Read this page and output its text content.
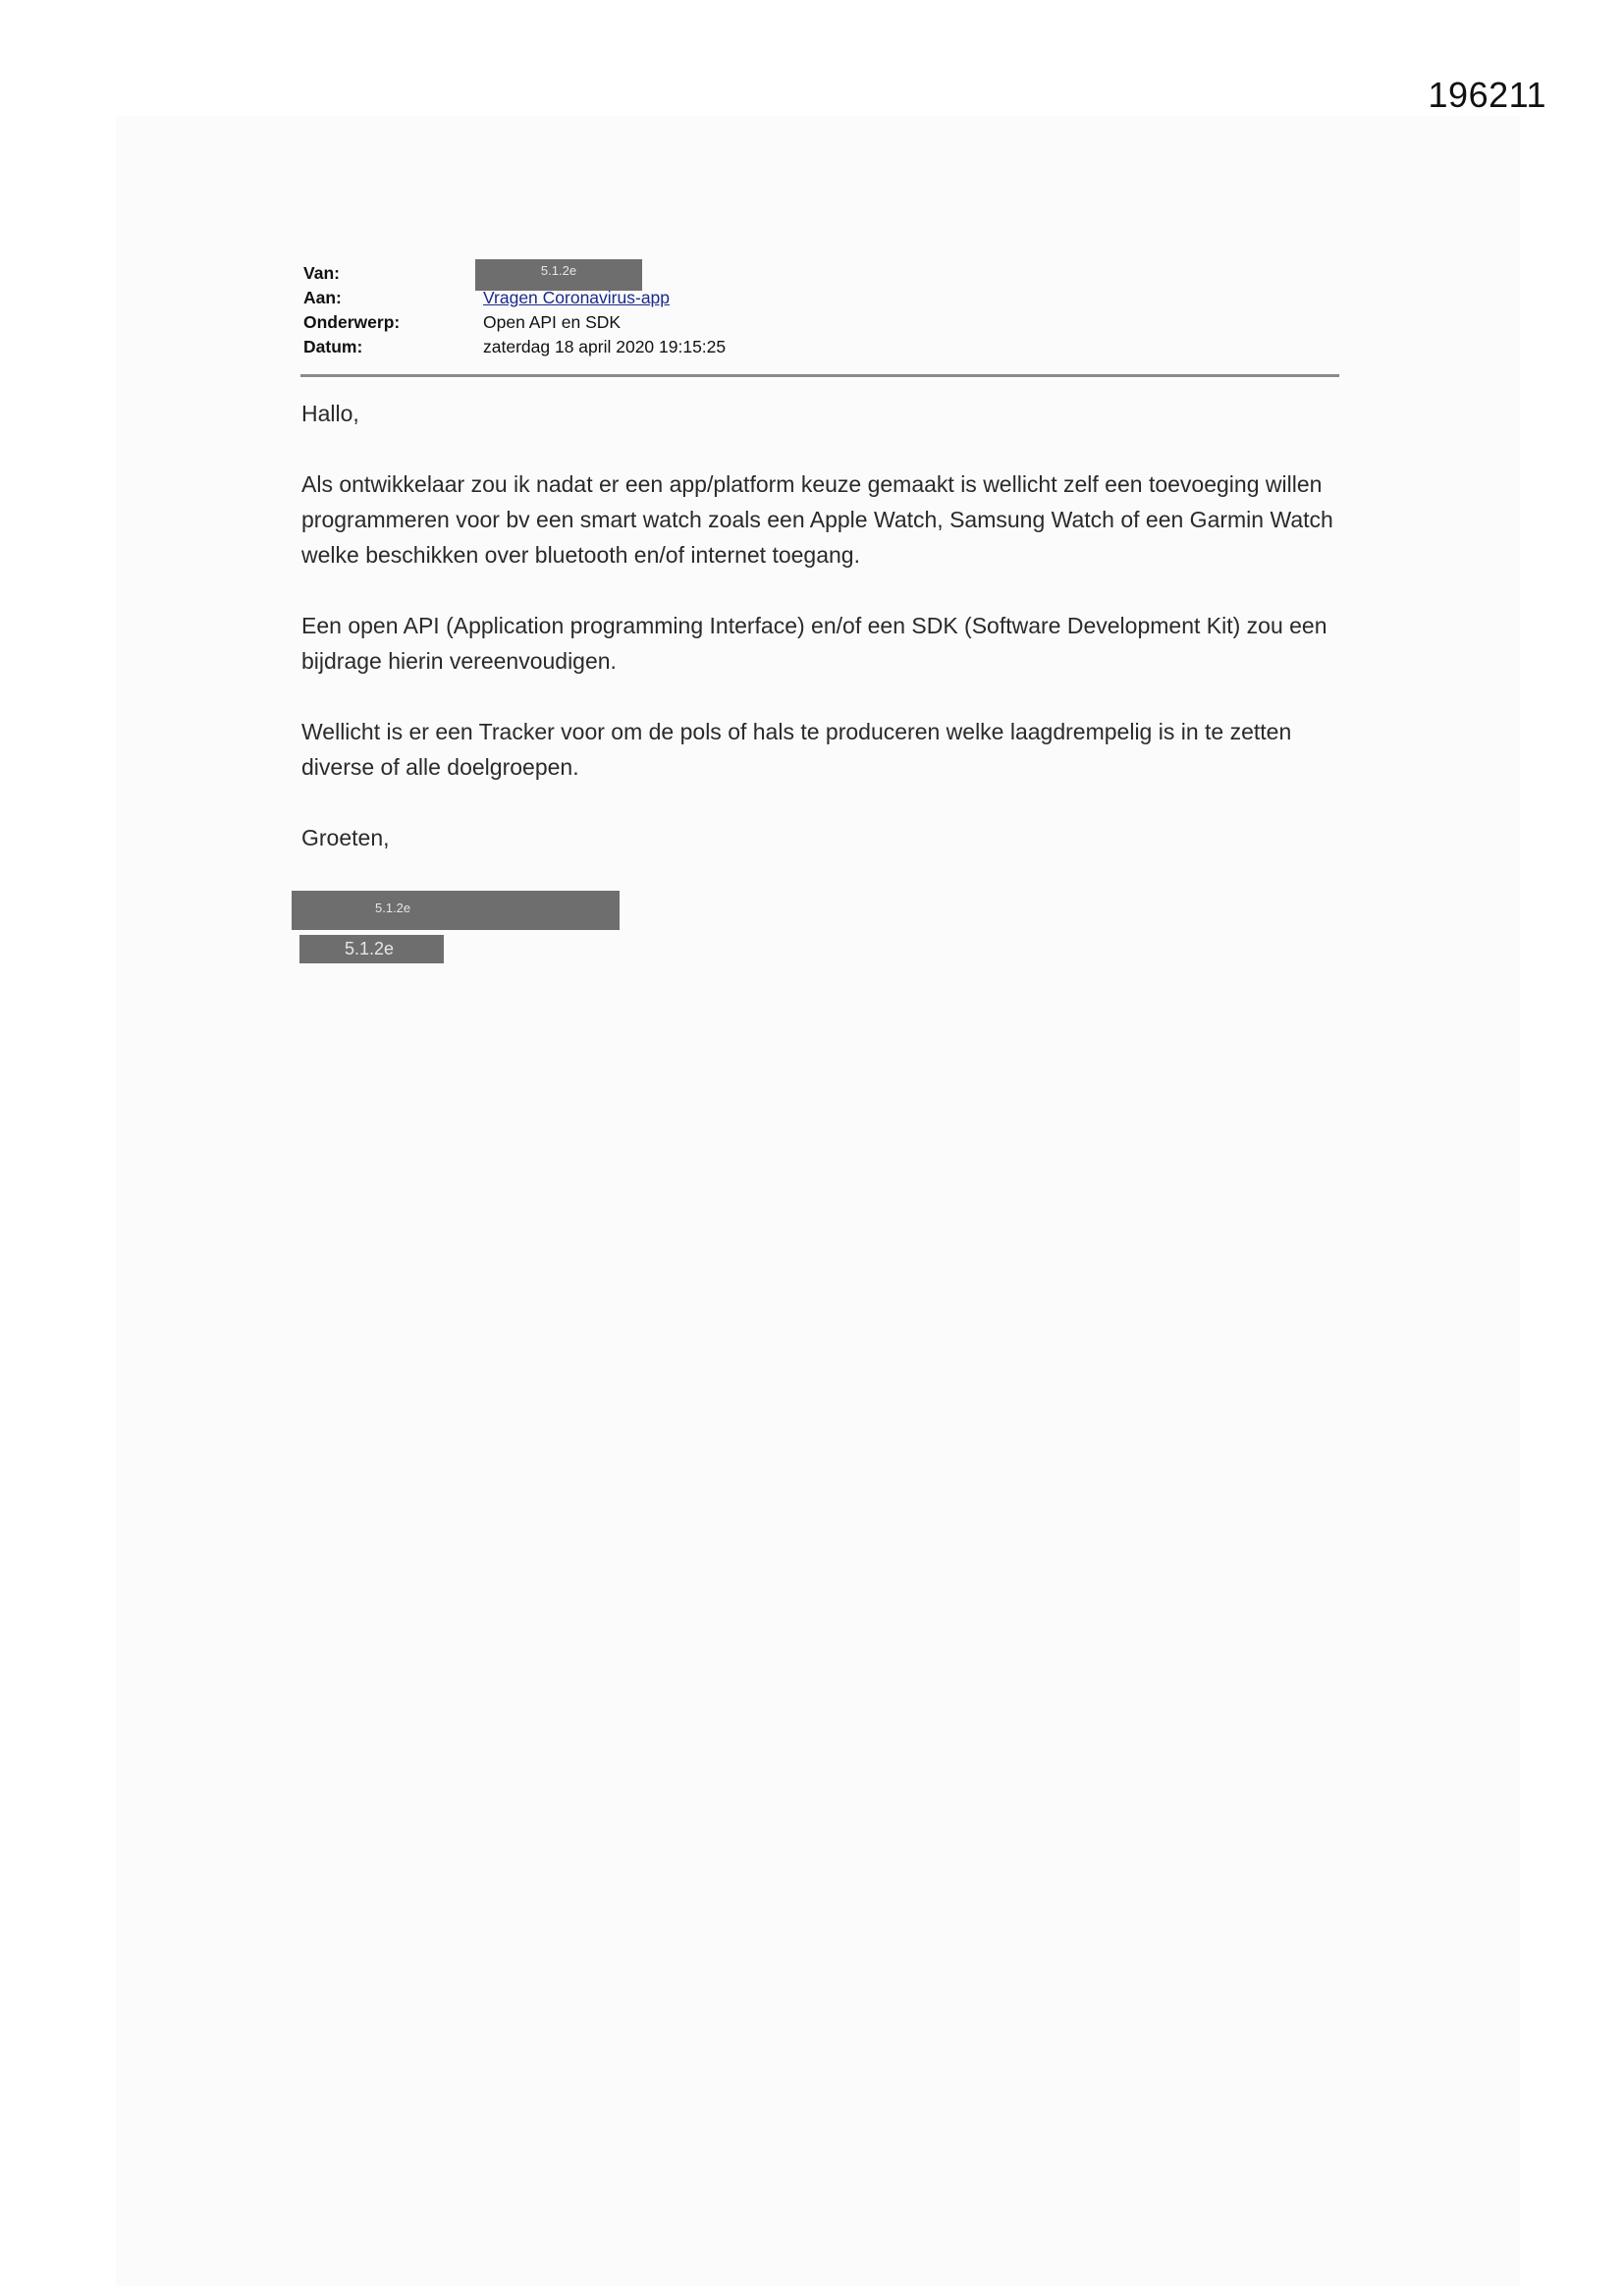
196211
Van:	5.1.2e
Aan:	Vragen Coronavirus-app
Onderwerp:	Open API en SDK
Datum:	zaterdag 18 april 2020 19:15:25

Hallo,

Als ontwikkelaar zou ik nadat er een app/platform keuze gemaakt is wellicht zelf een toevoeging willen programmeren voor bv een smart watch zoals een Apple Watch, Samsung Watch of een Garmin Watch welke beschikken over bluetooth en/of internet toegang.

Een open API (Application programming Interface) en/of een SDK (Software Development Kit) zou een bijdrage hierin vereenvoudigen.

Wellicht is er een Tracker voor om de pols of hals te produceren welke laagdrempelig is in te zetten diverse of alle doelgroepen.

Groeten,

5.1.2e
5.1.2e
